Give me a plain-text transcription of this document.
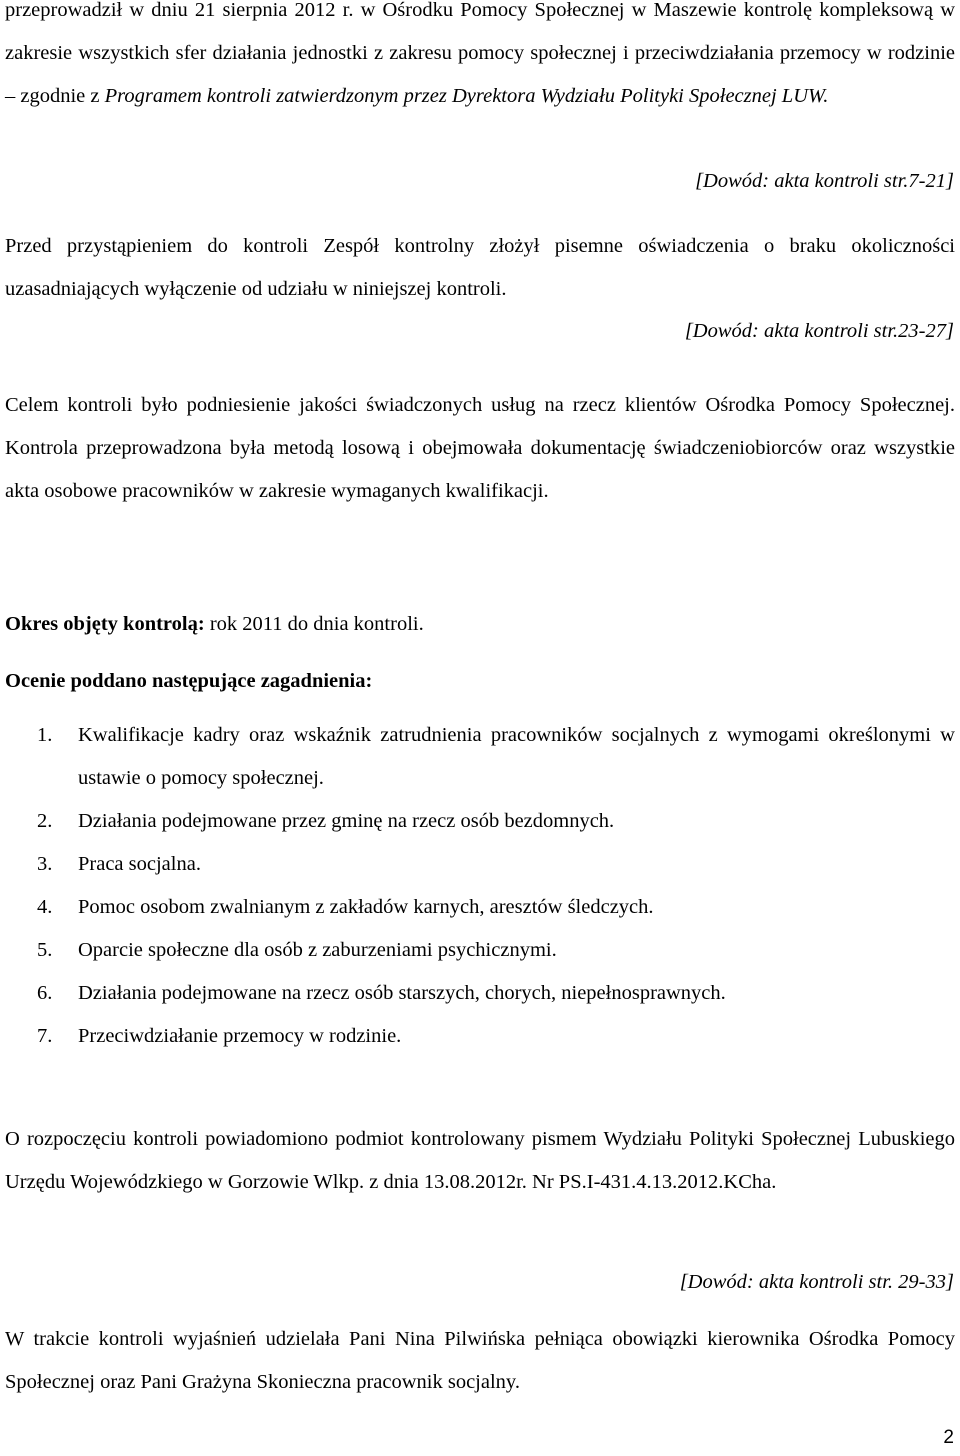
przeprowadził w dniu 21 sierpnia 2012 r. w Ośrodku Pomocy Społecznej w Maszewie kontrolę kompleksową w zakresie wszystkich sfer działania jednostki z zakresu pomocy społecznej i przeciwdziałania przemocy w rodzinie – zgodnie z Programem kontroli zatwierdzonym przez Dyrektora Wydziału Polityki Społecznej LUW.

[Dowód: akta kontroli str.7-21]

Przed przystąpieniem do kontroli Zespół kontrolny złożył pisemne oświadczenia o braku okoliczności uzasadniających wyłączenie od udziału w niniejszej kontroli.

[Dowód: akta kontroli str.23-27]

Celem kontroli było podniesienie jakości świadczonych usług na rzecz klientów Ośrodka Pomocy Społecznej. Kontrola przeprowadzona była metodą losową i obejmowała dokumentację świadczeniobiorców oraz wszystkie akta osobowe pracowników w zakresie wymaganych kwalifikacji.

Okres objęty kontrolą: rok 2011 do dnia kontroli.
Ocenie poddano następujące zagadnienia:
1. Kwalifikacje kadry oraz wskaźnik zatrudnienia pracowników socjalnych z wymogami określonymi w ustawie o pomocy społecznej.
2. Działania podejmowane przez gminę na rzecz osób bezdomnych.
3. Praca socjalna.
4. Pomoc osobom zwalnianym z zakładów karnych, aresztów śledczych.
5. Oparcie społeczne dla osób z zaburzeniami psychicznymi.
6. Działania podejmowane na rzecz osób starszych, chorych, niepełnosprawnych.
7. Przeciwdziałanie przemocy w rodzinie.

O rozpoczęciu kontroli powiadomiono podmiot kontrolowany pismem Wydziału Polityki Społecznej Lubuskiego Urzędu Wojewódzkiego w Gorzowie Wlkp. z dnia 13.08.2012r. Nr PS.I-431.4.13.2012.KCha.

[Dowód: akta kontroli str. 29-33]

W trakcie kontroli wyjaśnień udzielała Pani Nina Pilwińska pełniąca obowiązki kierownika Ośrodka Pomocy Społecznej oraz Pani Grażyna Skonieczna pracownik socjalny.

2
